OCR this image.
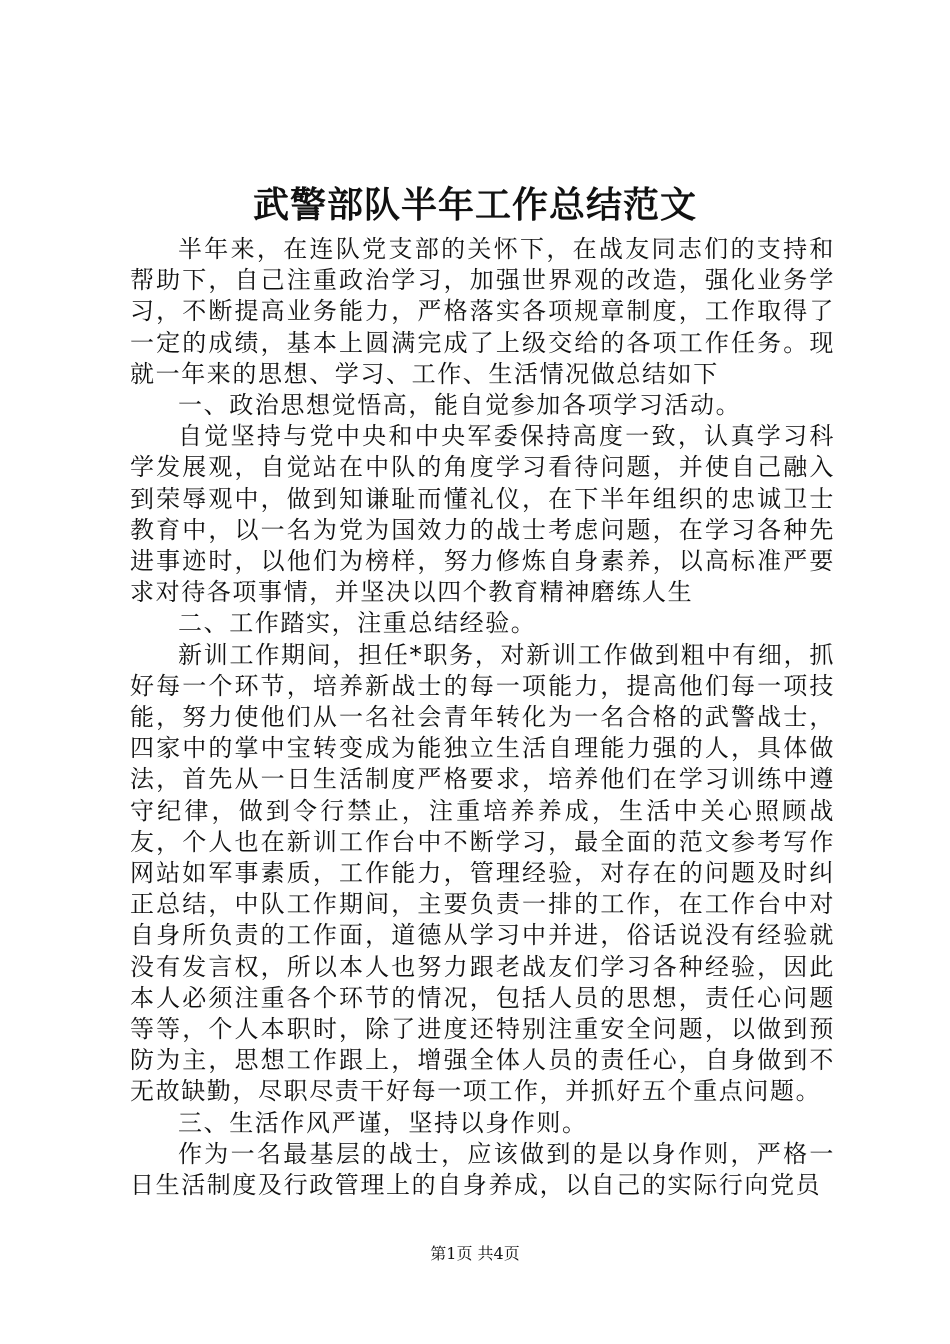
武警部队半年工作总结范文

半年来，在连队党支部的关怀下，在战友同志们的支持和帮助下，自己注重政治学习，加强世界观的改造，强化业务学习，不断提高业务能力，严格落实各项规章制度，工作取得了一定的成绩，基本上圆满完成了上级交给的各项工作任务。现就一年来的思想、学习、工作、生活情况做总结如下

一、政治思想觉悟高，能自觉参加各项学习活动。

自觉坚持与党中央和中央军委保持高度一致，认真学习科学发展观，自觉站在中队的角度学习看待问题，并使自己融入到荣辱观中，做到知谦耻而懂礼仪，在下半年组织的忠诚卫士教育中，以一名为党为国效力的战士考虑问题，在学习各种先进事迹时，以他们为榜样，努力修炼自身素养，以高标准严要求对待各项事情，并坚决以四个教育精神磨练人生

二、工作踏实，注重总结经验。

新训工作期间，担任*职务，对新训工作做到粗中有细，抓好每一个环节，培养新战士的每一项能力，提高他们每一项技能，努力使他们从一名社会青年转化为一名合格的武警战士，四家中的掌中宝转变成为能独立生活自理能力强的人，具体做法，首先从一日生活制度严格要求，培养他们在学习训练中遵守纪律，做到令行禁止，注重培养养成，生活中关心照顾战友，个人也在新训工作台中不断学习，最全面的范文参考写作网站如军事素质，工作能力，管理经验，对存在的问题及时纠正总结，中队工作期间，主要负责一排的工作，在工作台中对自身所负责的工作面，道德从学习中并进，俗话说没有经验就没有发言权，所以本人也努力跟老战友们学习各种经验，因此本人必须注重各个环节的情况，包括人员的思想，责任心问题等等，个人本职时，除了进度还特别注重安全问题，以做到预防为主，思想工作跟上，增强全体人员的责任心，自身做到不无故缺勤，尽职尽责干好每一项工作，并抓好五个重点问题。

三、生活作风严谨，坚持以身作则。

作为一名最基层的战士，应该做到的是以身作则，严格一日生活制度及行政管理上的自身养成，以自己的实际行向党员

第1页 共4页
